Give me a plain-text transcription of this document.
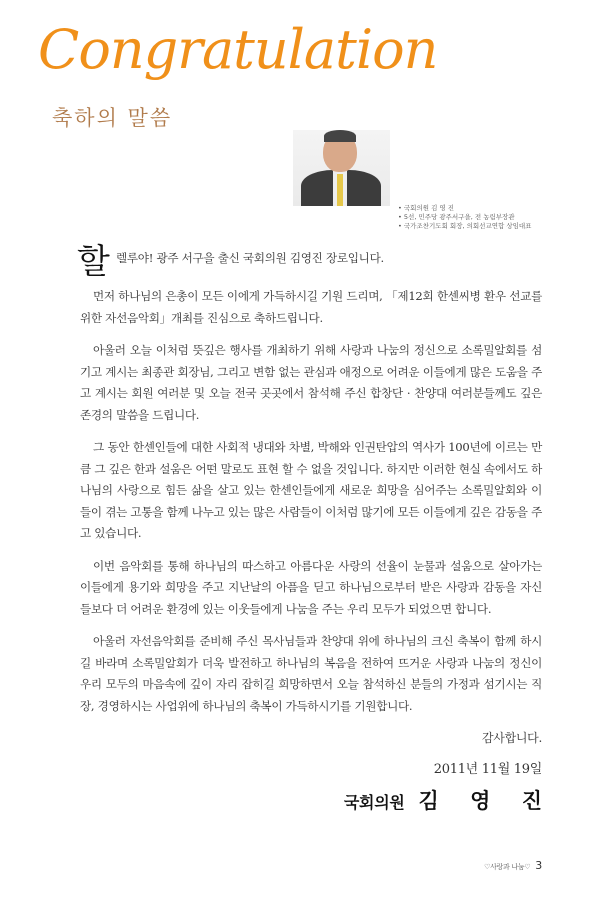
Congratulation
축하의 말씀
• 국회의원 김 영 진
• 5선, 민주당 광주서구을, 전 농림부장관
• 국가조찬기도회 회장, 의회선교연합 상임대표
할 렐루야! 광주 서구을 출신 국회의원 김영진 장로입니다.

먼저 하나님의 은총이 모든 이에게 가득하시길 기원 드리며, 「제12회 한센씨병 환우 선교를 위한 자선음악회」개최를 진심으로 축하드립니다.

아울러 오늘 이처럼 뜻깊은 행사를 개최하기 위해 사랑과 나눔의 정신으로 소록밀알회를 섬기고 계시는 최종관 회장님, 그리고 변함 없는 관심과 애정으로 어려운 이들에게 많은 도움을 주고 계시는 회원 여러분 및 오늘 전국 곳곳에서 참석해 주신 합창단 · 찬양대 여러분들께도 깊은 존경의 말씀을 드립니다.

그 동안 한센인들에 대한 사회적 냉대와 차별, 박해와 인권탄압의 역사가 100년에 이르는 만큼 그 깊은 한과 설움은 어떤 말로도 표현 할 수 없을 것입니다. 하지만 이러한 현실 속에서도 하나님의 사랑으로 힘든 삶을 살고 있는 한센인들에게 새로운 희망을 심어주는 소록밀알회와 이들이 겪는 고통을 함께 나누고 있는 많은 사람들이 이처럼 많기에 모든 이들에게 깊은 감동을 주고 있습니다.

이번 음악회를 통해 하나님의 따스하고 아름다운 사랑의 선율이 눈물과 설움으로 살아가는 이들에게 용기와 희망을 주고 지난날의 아픔을 딛고 하나님으로부터 받은 사랑과 감동을 자신들보다 더 어려운 환경에 있는 이웃들에게 나눔을 주는 우리 모두가 되었으면 합니다.

아울러 자선음악회를 준비해 주신 목사님들과 찬양대 위에 하나님의 크신 축복이 함께 하시길 바라며 소록밀알회가 더욱 발전하고 하나님의 복음을 전하여 뜨거운 사랑과 나눔의 정신이 우리 모두의 마음속에 깊이 자리 잡히길 희망하면서 오늘 참석하신 분들의 가정과 섬기시는 직장, 경영하시는 사업위에 하나님의 축복이 가득하시기를 기원합니다.

감사합니다.
2011년 11월 19일
국회의원 김 영 진
♡사랑과 나눔♡ 3
